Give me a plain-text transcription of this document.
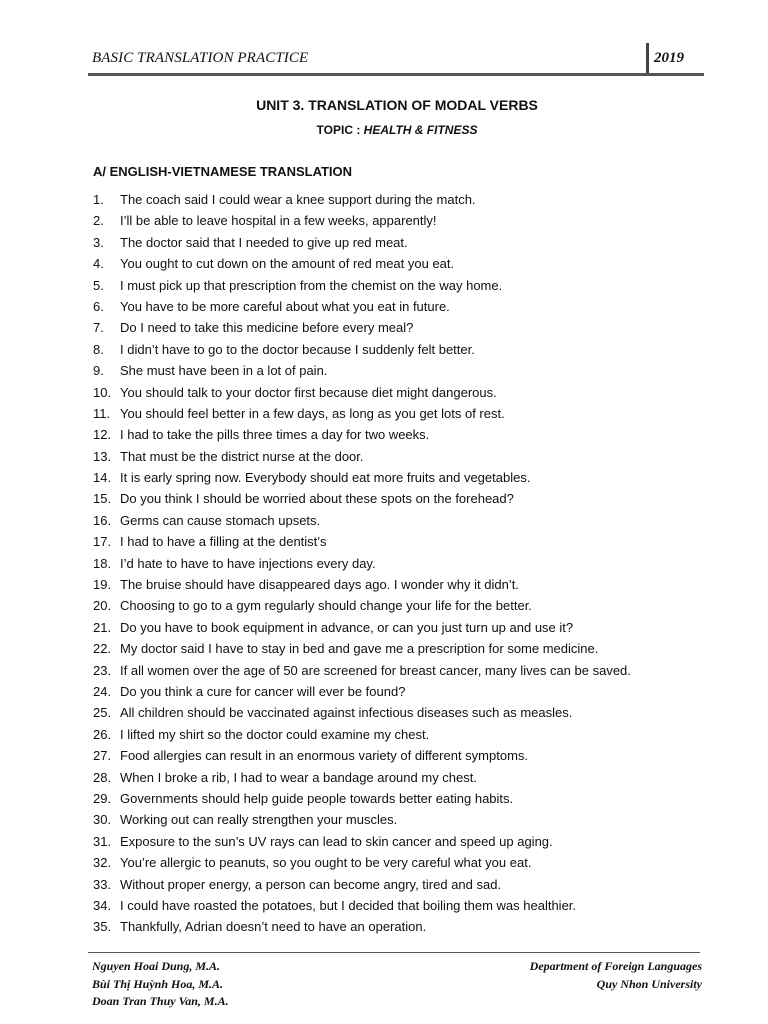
BASIC TRANSLATION PRACTICE	2019
UNIT 3. TRANSLATION OF MODAL VERBS
TOPIC : HEALTH & FITNESS
A/ ENGLISH-VIETNAMESE TRANSLATION
1.	The coach said I could wear a knee support during the match.
2.	I’ll be able to leave hospital in a few weeks, apparently!
3.	The doctor said that I needed to give up red meat.
4.	You ought to cut down on the amount of red meat you eat.
5.	I must pick up that prescription from the chemist on the way home.
6.	You have to be more careful about what you eat in future.
7.	Do I need to take this medicine before every meal?
8.	I didn’t have to go to the doctor because I suddenly felt better.
9.	She must have been in a lot of pain.
10. You should talk to your doctor first because diet might dangerous.
11. You should feel better in a few days, as long as you get lots of rest.
12. I had to take the pills three times a day for two weeks.
13. That must be the district nurse at the door.
14. It is early spring now. Everybody should eat more fruits and vegetables.
15. Do you think I should be worried about these spots on the forehead?
16. Germs can cause stomach upsets.
17. I had to have a filling at the dentist’s
18. I’d hate to have to have injections every day.
19. The bruise should have disappeared days ago. I wonder why it didn’t.
20. Choosing to go to a gym regularly should change your life for the better.
21. Do you have to book equipment in advance, or can you just turn up and use it?
22. My doctor said I have to stay in bed and gave me a prescription for some medicine.
23. If all women over the age of 50 are screened for breast cancer, many lives can be saved.
24. Do you think a cure for cancer will ever be found?
25. All children should be vaccinated against infectious diseases such as measles.
26. I lifted my shirt so the doctor could examine my chest.
27. Food allergies can result in an enormous variety of different symptoms.
28. When I broke a rib, I had to wear a bandage around my chest.
29. Governments should help guide people towards better eating habits.
30. Working out can really strengthen your muscles.
31. Exposure to the sun’s UV rays can lead to skin cancer and speed up aging.
32. You’re allergic to peanuts, so you ought to be very careful what you eat.
33. Without proper energy, a person can become angry, tired and sad.
34. I could have roasted the potatoes, but I decided that boiling them was healthier.
35. Thankfully, Adrian doesn’t need to have an operation.
Nguyen Hoai Dung, M.A.
Bùi Thị Huỳnh Hoa, M.A.
Doan Tran Thuy Van, M.A.
Department of Foreign Languages
Quy Nhon University
